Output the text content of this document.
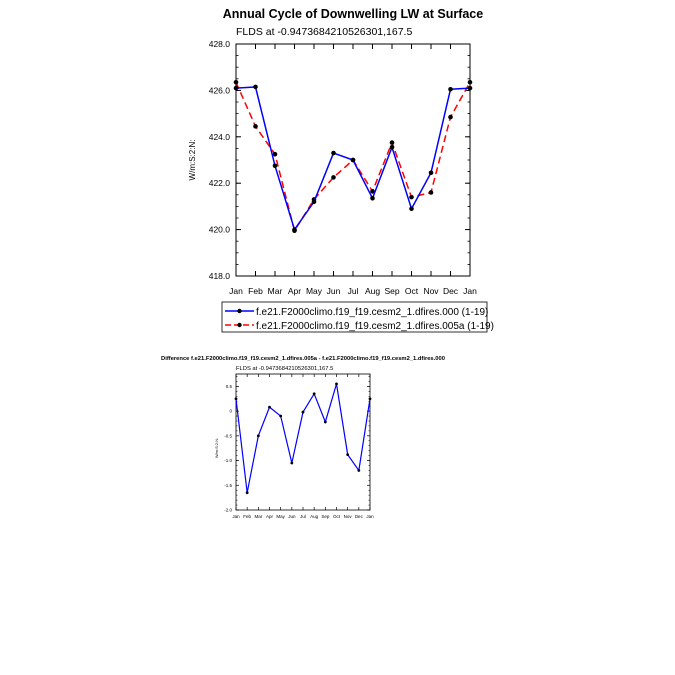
Annual Cycle of Downwelling LW at Surface
FLDS at -0.9473684210526301,167.5
W/m:S:2:N:
418.0
420.0
422.0
424.0
426.0
428.0
Jan Feb Mar Apr May Jun Jul Aug Sep Oct Nov Dec Jan
f.e21.F2000climo.f19_f19.cesm2_1.dfires.000 (1-19)
f.e21.F2000climo.f19_f19.cesm2_1.dfires.005a (1-19)
Difference f.e21.F2000climo.f19_f19.cesm2_1.dfires.005a - f.e21.F2000climo.f19_f19.cesm2_1.dfires.000
FLDS at -0.9473684210526301,167.5
W/m:S:2:N:
-2.0
-1.5
-1.0
-0.5
0
0.5
Jan Feb Mar Apr May Jun Jul Aug Sep Oct Nov Dec Jan
